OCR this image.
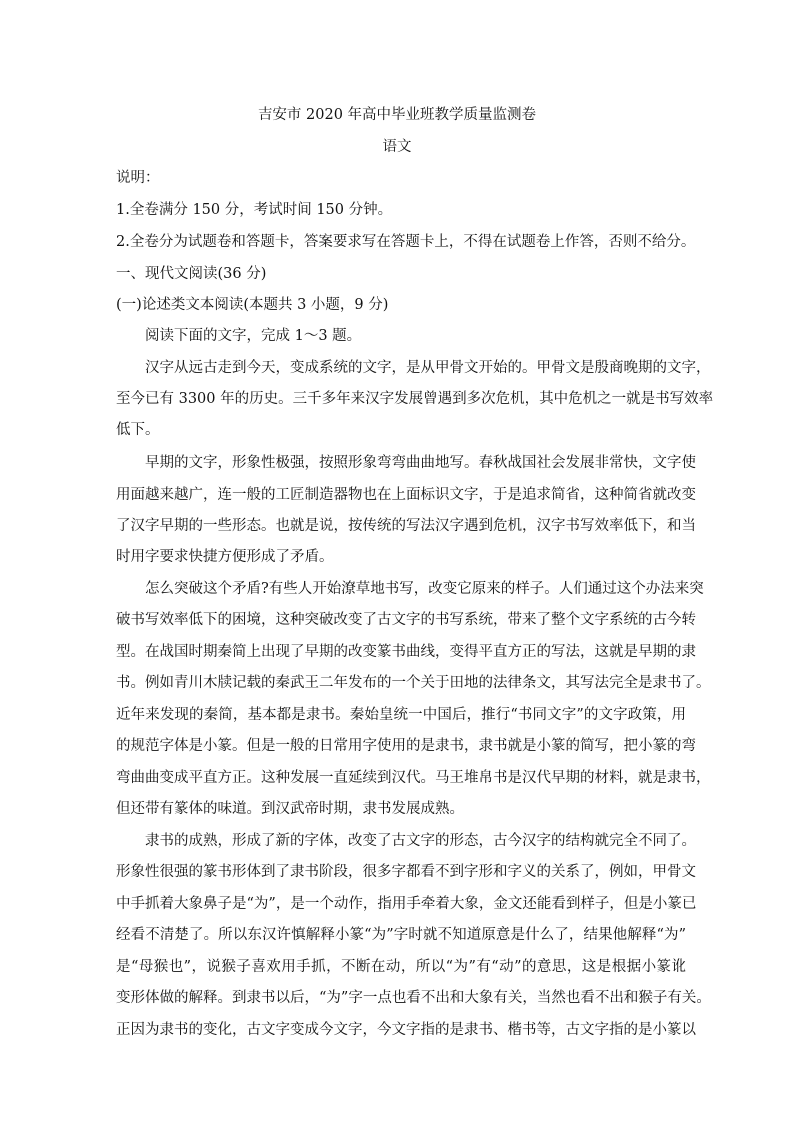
吉安市 2020 年高中毕业班教学质量监测卷
语文
说明：
1.全卷满分 150 分，考试时间 150 分钟。
2.全卷分为试题卷和答题卡，答案要求写在答题卡上，不得在试题卷上作答，否则不给分。
一、现代文阅读(36 分)
(一)论述类文本阅读(本题共 3 小题，9 分)
阅读下面的文字，完成 1～3 题。
汉字从远古走到今天，变成系统的文字，是从甲骨文开始的。甲骨文是殷商晚期的文字，
至今已有 3300 年的历史。三千多年来汉字发展曾遇到多次危机，其中危机之一就是书写效率
低下。
早期的文字，形象性极强，按照形象弯弯曲曲地写。春秋战国社会发展非常快，文字使
用面越来越广，连一般的工匠制造器物也在上面标识文字，于是追求简省，这种简省就改变
了汉字早期的一些形态。也就是说，按传统的写法汉字遇到危机，汉字书写效率低下，和当
时用字要求快捷方便形成了矛盾。
怎么突破这个矛盾?有些人开始潦草地书写，改变它原来的样子。人们通过这个办法来突
破书写效率低下的困境，这种突破改变了古文字的书写系统，带来了整个文字系统的古今转
型。在战国时期秦简上出现了早期的改变篆书曲线，变得平直方正的写法，这就是早期的隶
书。例如青川木牍记载的秦武王二年发布的一个关于田地的法律条文，其写法完全是隶书了。
近年来发现的秦简，基本都是隶书。秦始皇统一中国后，推行“书同文字”的文字政策，用
的规范字体是小篆。但是一般的日常用字使用的是隶书，隶书就是小篆的简写，把小篆的弯
弯曲曲变成平直方正。这种发展一直延续到汉代。马王堆帛书是汉代早期的材料，就是隶书，
但还带有篆体的味道。到汉武帝时期，隶书发展成熟。
隶书的成熟，形成了新的字体，改变了古文字的形态，古今汉字的结构就完全不同了。
形象性很强的篆书形体到了隶书阶段，很多字都看不到字形和字义的关系了，例如，甲骨文
中手抓着大象鼻子是“为”，是一个动作，指用手牵着大象，金文还能看到样子，但是小篆已
经看不清楚了。所以东汉许慎解释小篆“为”字时就不知道原意是什么了，结果他解释“为”
是“母猴也”，说猴子喜欢用手抓，不断在动，所以“为”有“动”的意思，这是根据小篆讹
变形体做的解释。到隶书以后，“为”字一点也看不出和大象有关，当然也看不出和猴子有关。
正因为隶书的变化，古文字变成今文字，今文字指的是隶书、楷书等，古文字指的是小篆以
